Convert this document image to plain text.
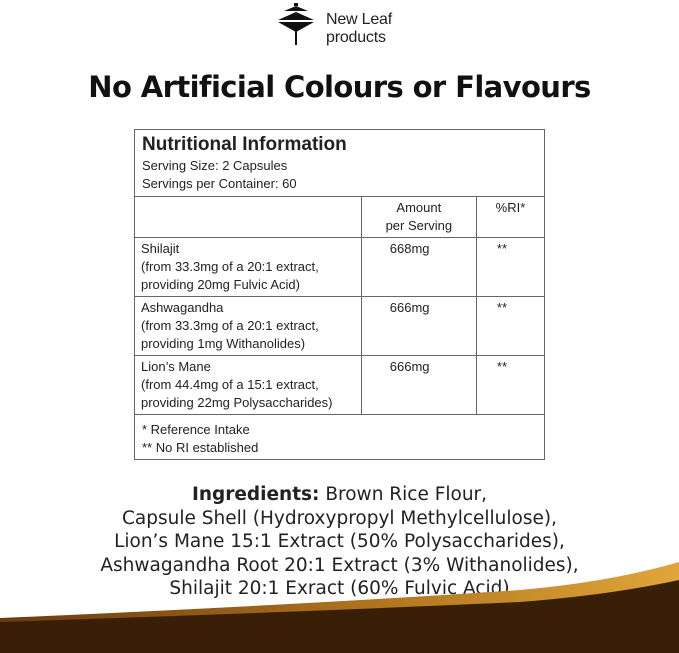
New Leaf
products
No Artificial Colours or Flavours
Nutritional Information
Serving Size: 2 Capsules
Servings per Container: 60		

	Amount
per Serving	%RI*

Shilajit
(from 33.3mg of a 20:1 extract,
providing 20mg Fulvic Acid)	668mg	**

Ashwagandha
(from 33.3mg of a 20:1 extract,
providing 1mg Withanolides)	666mg	**

Lion’s Mane
(from 44.4mg of a 15:1 extract,
providing 22mg Polysaccharides)	666mg	**

* Reference Intake
** No RI established		
Ingredients: Brown Rice Flour,
Capsule Shell (Hydroxypropyl Methylcellulose),
Lion’s Mane 15:1 Extract (50% Polysaccharides),
Ashwagandha Root 20:1 Extract (3% Withanolides),
Shilajit 20:1 Exract (60% Fulvic Acid)
